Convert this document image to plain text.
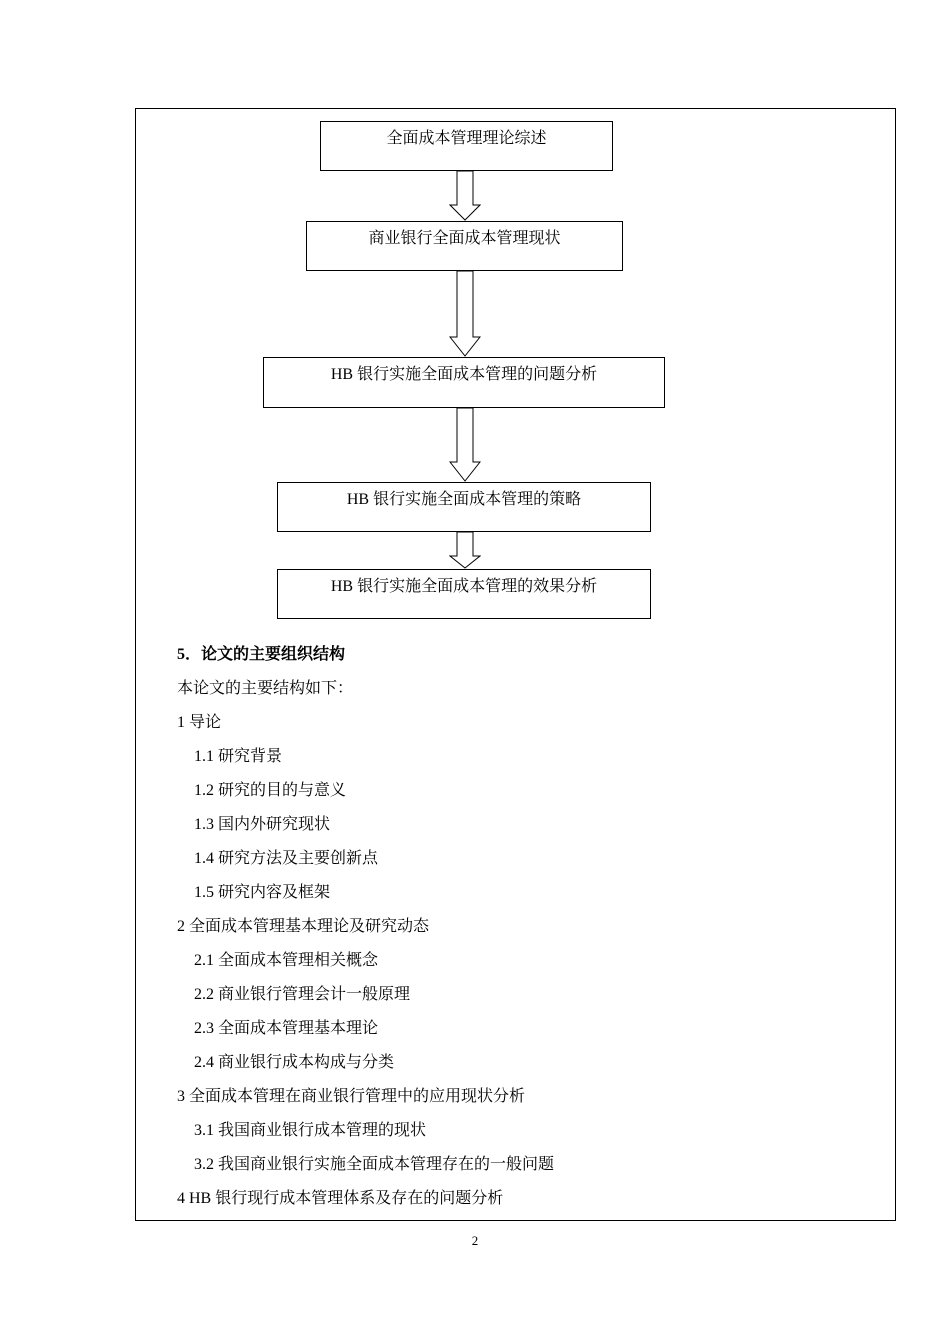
全面成本管理理论综述
商业银行全面成本管理现状
HB 银行实施全面成本管理的问题分析
HB 银行实施全面成本管理的策略
HB 银行实施全面成本管理的效果分析
5．论文的主要组织结构
本论文的主要结构如下：
1 导论
1.1 研究背景
1.2 研究的目的与意义
1.3 国内外研究现状
1.4 研究方法及主要创新点
1.5 研究内容及框架
2 全面成本管理基本理论及研究动态
2.1 全面成本管理相关概念
2.2 商业银行管理会计一般原理
2.3 全面成本管理基本理论
2.4 商业银行成本构成与分类
3 全面成本管理在商业银行管理中的应用现状分析
3.1 我国商业银行成本管理的现状
3.2 我国商业银行实施全面成本管理存在的一般问题
4 HB 银行现行成本管理体系及存在的问题分析
2
